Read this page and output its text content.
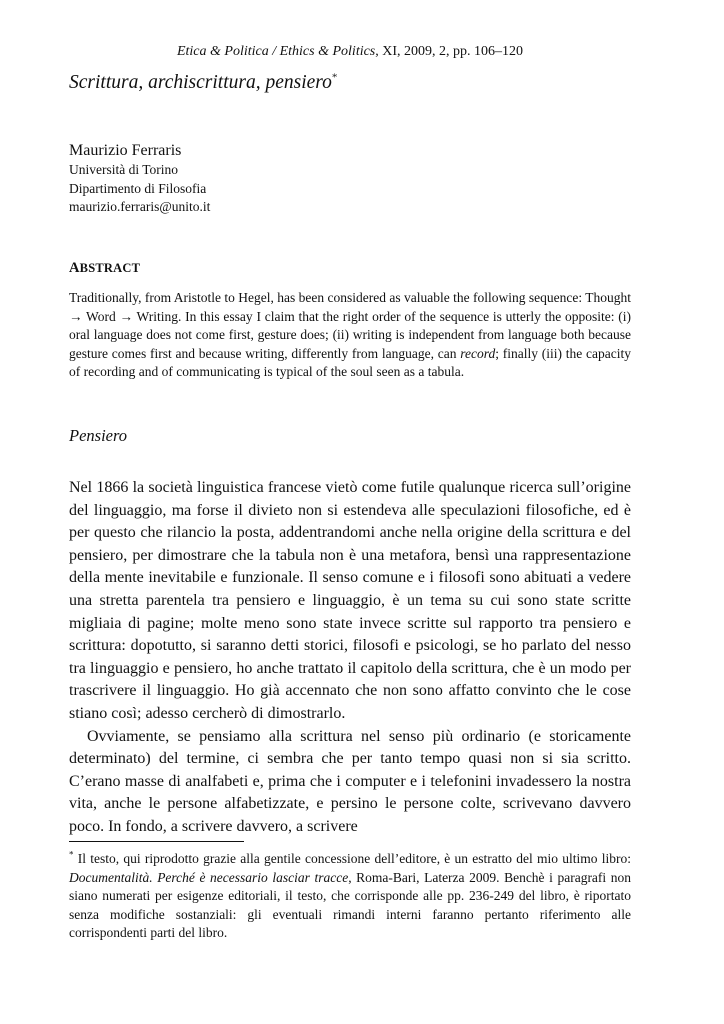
Etica & Politica / Ethics & Politics, XI, 2009, 2, pp. 106–120
Scrittura, archiscrittura, pensiero*
Maurizio Ferraris
Università di Torino
Dipartimento di Filosofia
maurizio.ferraris@unito.it
ABSTRACT

Traditionally, from Aristotle to Hegel, has been considered as valuable the following sequence: Thought → Word → Writing. In this essay I claim that the right order of the sequence is utterly the opposite: (i) oral language does not come first, gesture does; (ii) writing is independent from language both because gesture comes first and because writing, differently from language, can record; finally (iii) the capacity of recording and of communicating is typical of the soul seen as a tabula.

Pensiero

Nel 1866 la società linguistica francese vietò come futile qualunque ricerca sull’origine del linguaggio, ma forse il divieto non si estendeva alle speculazioni filosofiche, ed è per questo che rilancio la posta, addentrandomi anche nella origine della scrittura e del pensiero, per dimostrare che la tabula non è una metafora, bensì una rappresentazione della mente inevitabile e funzionale. Il senso comune e i filosofi sono abituati a vedere una stretta parentela tra pensiero e linguaggio, è un tema su cui sono state scritte migliaia di pagine; molte meno sono state invece scritte sul rapporto tra pensiero e scrittura: dopotutto, si saranno detti storici, filosofi e psicologi, se ho parlato del nesso tra linguaggio e pensiero, ho anche trattato il capitolo della scrittura, che è un modo per trascrivere il linguaggio. Ho già accennato che non sono affatto convinto che le cose stiano così; adesso cercherò di dimostrarlo.

Ovviamente, se pensiamo alla scrittura nel senso più ordinario (e storicamente determinato) del termine, ci sembra che per tanto tempo quasi non si sia scritto. C’erano masse di analfabeti e, prima che i computer e i telefonini invadessero la nostra vita, anche le persone alfabetizzate, e persino le persone colte, scrivevano davvero poco. In fondo, a scrivere davvero, a scrivere

* Il testo, qui riprodotto grazie alla gentile concessione dell’editore, è un estratto del mio ultimo libro: Documentalità. Perché è necessario lasciar tracce, Roma-Bari, Laterza 2009. Benchè i paragrafi non siano numerati per esigenze editoriali, il testo, che corrisponde alle pp. 236-249 del libro, è riportato senza modifiche sostanziali: gli eventuali rimandi interni faranno pertanto riferimento alle corrispondenti parti del libro.
